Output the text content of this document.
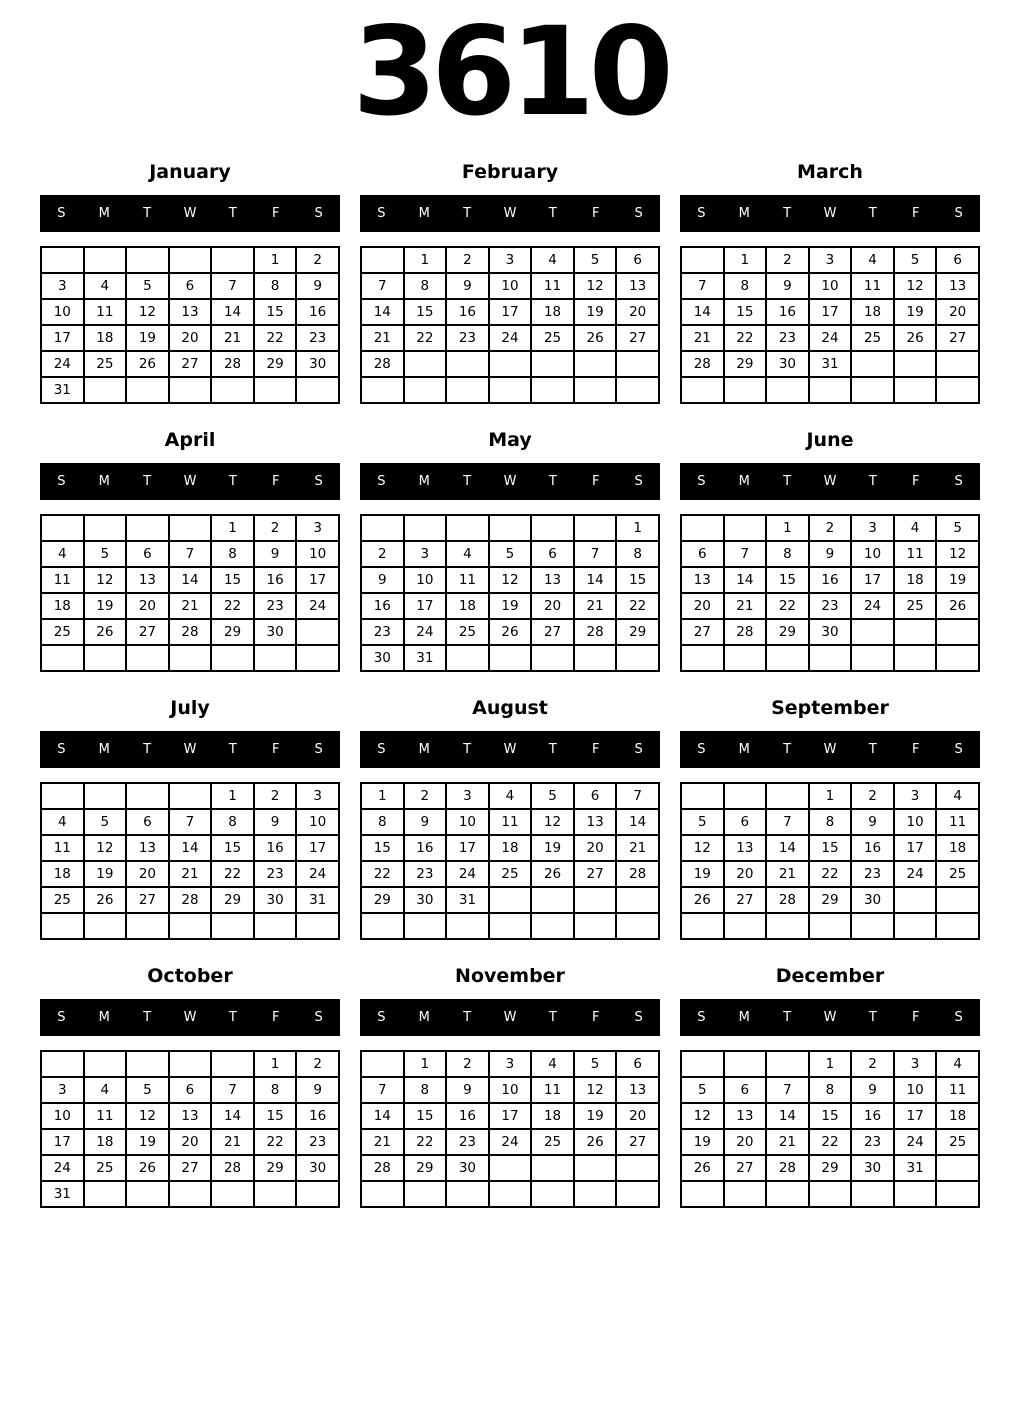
3610
January
S	M	T	W	T	F	S
					1	2
3	4	5	6	7	8	9
10	11	12	13	14	15	16
17	18	19	20	21	22	23
24	25	26	27	28	29	30
31						
February
S	M	T	W	T	F	S
	1	2	3	4	5	6
7	8	9	10	11	12	13
14	15	16	17	18	19	20
21	22	23	24	25	26	27
28						

March
S	M	T	W	T	F	S
	1	2	3	4	5	6
7	8	9	10	11	12	13
14	15	16	17	18	19	20
21	22	23	24	25	26	27
28	29	30	31			

April
S	M	T	W	T	F	S
				1	2	3
4	5	6	7	8	9	10
11	12	13	14	15	16	17
18	19	20	21	22	23	24
25	26	27	28	29	30	

May
S	M	T	W	T	F	S
						1
2	3	4	5	6	7	8
9	10	11	12	13	14	15
16	17	18	19	20	21	22
23	24	25	26	27	28	29
30	31					
June
S	M	T	W	T	F	S
		1	2	3	4	5
6	7	8	9	10	11	12
13	14	15	16	17	18	19
20	21	22	23	24	25	26
27	28	29	30			

July
S	M	T	W	T	F	S
				1	2	3
4	5	6	7	8	9	10
11	12	13	14	15	16	17
18	19	20	21	22	23	24
25	26	27	28	29	30	31

August
S	M	T	W	T	F	S
1	2	3	4	5	6	7
8	9	10	11	12	13	14
15	16	17	18	19	20	21
22	23	24	25	26	27	28
29	30	31				

September
S	M	T	W	T	F	S
			1	2	3	4
5	6	7	8	9	10	11
12	13	14	15	16	17	18
19	20	21	22	23	24	25
26	27	28	29	30		

October
S	M	T	W	T	F	S
					1	2
3	4	5	6	7	8	9
10	11	12	13	14	15	16
17	18	19	20	21	22	23
24	25	26	27	28	29	30
31						
November
S	M	T	W	T	F	S
	1	2	3	4	5	6
7	8	9	10	11	12	13
14	15	16	17	18	19	20
21	22	23	24	25	26	27
28	29	30				

December
S	M	T	W	T	F	S
			1	2	3	4
5	6	7	8	9	10	11
12	13	14	15	16	17	18
19	20	21	22	23	24	25
26	27	28	29	30	31	
